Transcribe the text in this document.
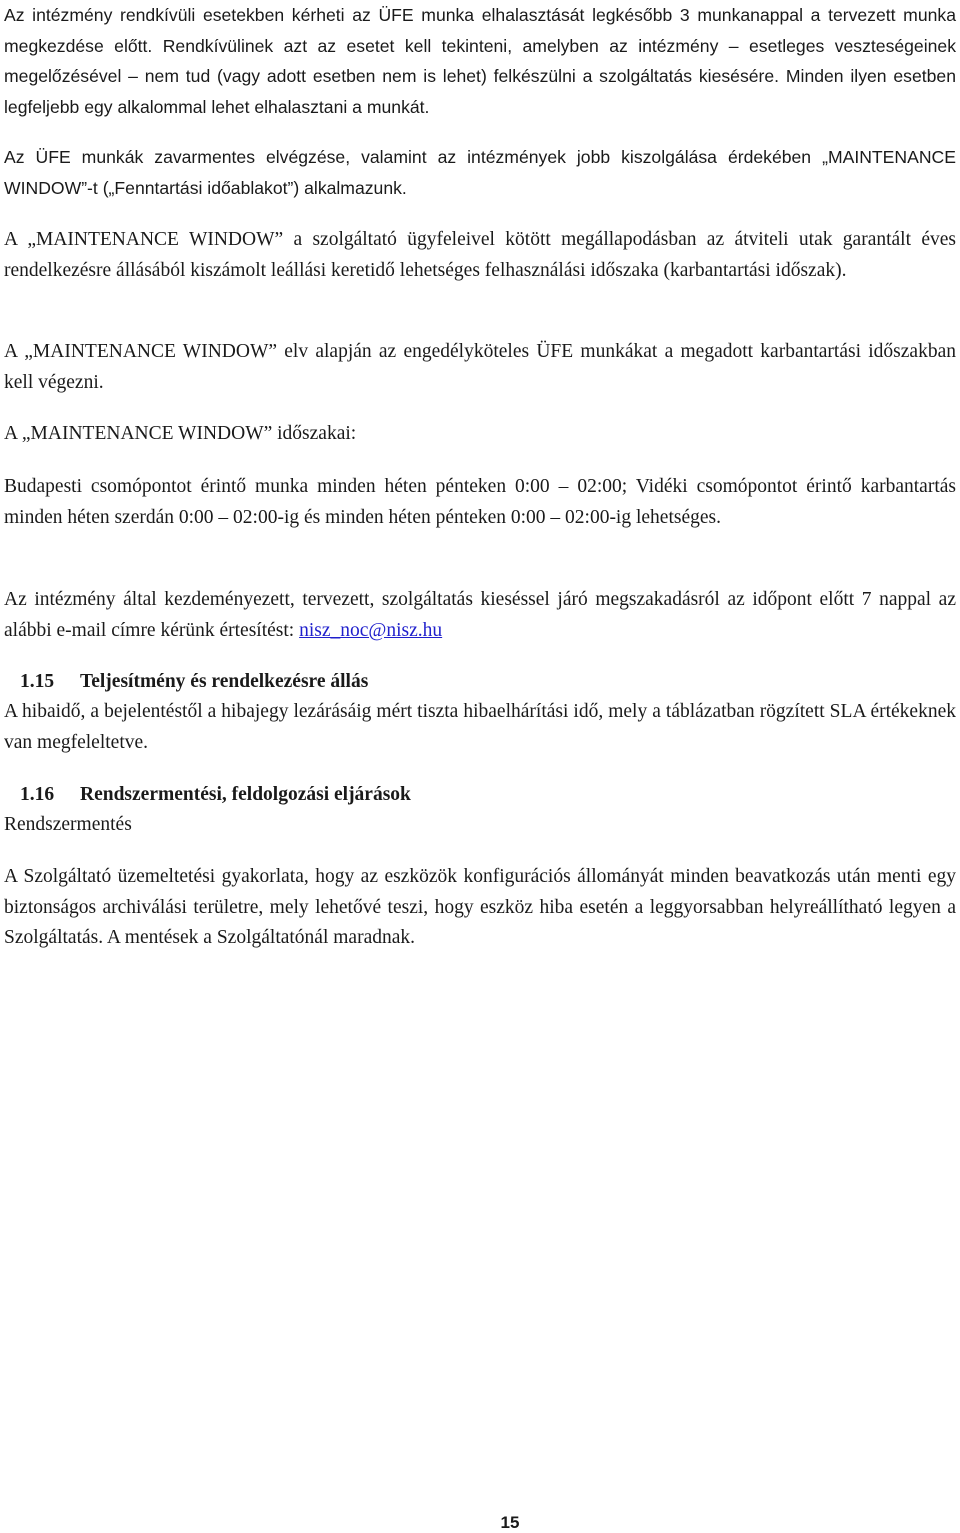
Az intézmény rendkívüli esetekben kérheti az ÜFE munka elhalasztását legkésőbb 3 munkanappal a tervezett munka megkezdése előtt. Rendkívülinek azt az esetet kell tekinteni, amelyben az intézmény – esetleges veszteségeinek megelőzésével – nem tud (vagy adott esetben nem is lehet) felkészülni a szolgáltatás kiesésére. Minden ilyen esetben legfeljebb egy alkalommal lehet elhalasztani a munkát.

Az ÜFE munkák zavarmentes elvégzése, valamint az intézmények jobb kiszolgálása érdekében „MAINTENANCE WINDOW”-t („Fenntartási időablakot”) alkalmazunk.

A „MAINTENANCE WINDOW” a szolgáltató ügyfeleivel kötött megállapodásban az átviteli utak garantált éves rendelkezésre állásából kiszámolt leállási keretidő lehetséges felhasználási időszaka (karbantartási időszak).

A „MAINTENANCE WINDOW” elv alapján az engedélyköteles ÜFE munkákat a megadott karbantartási időszakban kell végezni.

A „MAINTENANCE WINDOW” időszakai:

Budapesti csomópontot érintő munka minden héten pénteken 0:00 – 02:00; Vidéki csomópontot érintő karbantartás minden héten szerdán 0:00 – 02:00-ig és minden héten pénteken 0:00 – 02:00-ig lehetséges.

Az intézmény által kezdeményezett, tervezett, szolgáltatás kieséssel járó megszakadásról az időpont előtt 7 nappal az alábbi e-mail címre kérünk értesítést: nisz_noc@nisz.hu

1.15 Teljesítmény és rendelkezésre állás

A hibaidő, a bejelentéstől a hibajegy lezárásáig mért tiszta hibaelhárítási idő, mely a táblázatban rögzített SLA értékeknek van megfeleltetve.

1.16 Rendszermentési, feldolgozási eljárások

Rendszermentés

A Szolgáltató üzemeltetési gyakorlata, hogy az eszközök konfigurációs állományát minden beavatkozás után menti egy biztonságos archiválási területre, mely lehetővé teszi, hogy eszköz hiba esetén a leggyorsabban helyreállítható legyen a Szolgáltatás. A mentések a Szolgáltatónál maradnak.

15
